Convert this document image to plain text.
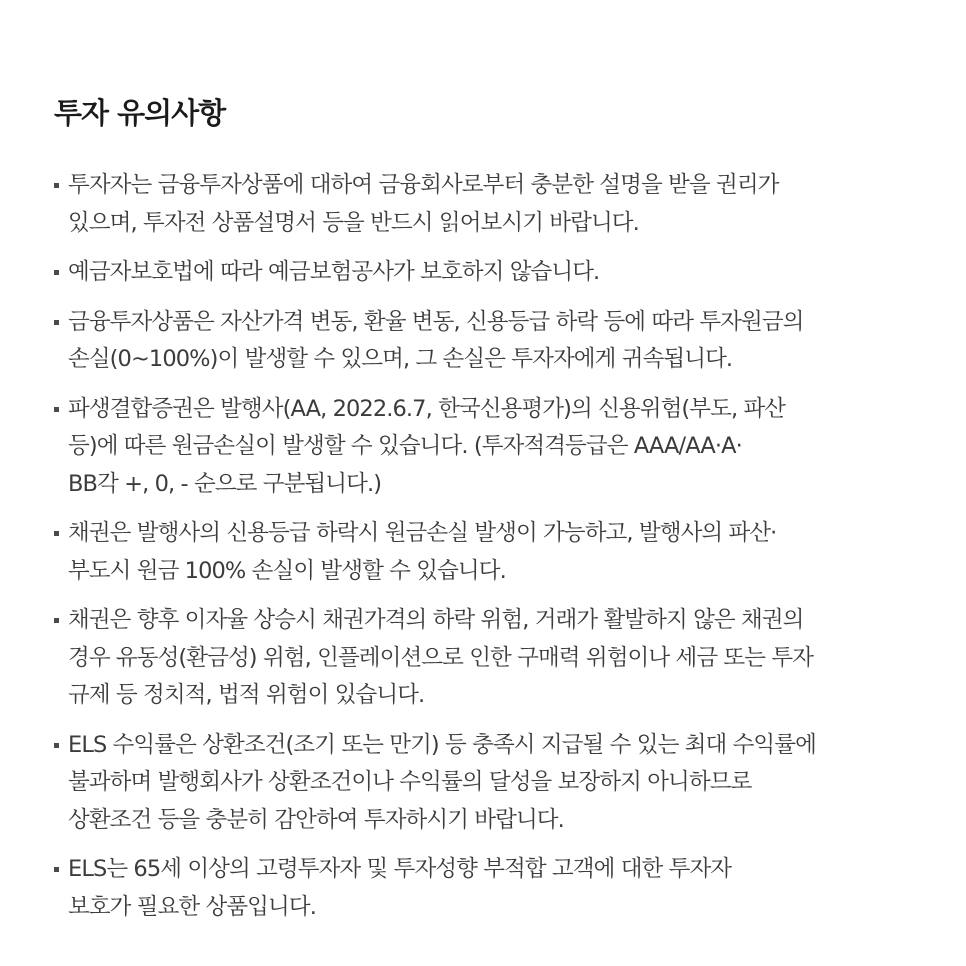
투자 유의사항
투자자는 금융투자상품에 대하여 금융회사로부터 충분한 설명을 받을 권리가
있으며, 투자전 상품설명서 등을 반드시 읽어보시기 바랍니다.
예금자보호법에 따라 예금보험공사가 보호하지 않습니다.
금융투자상품은 자산가격 변동, 환율 변동, 신용등급 하락 등에 따라 투자원금의
손실(0~100%)이 발생할 수 있으며, 그 손실은 투자자에게 귀속됩니다.
파생결합증권은 발행사(AA, 2022.6.7, 한국신용평가)의 신용위험(부도, 파산
등)에 따른 원금손실이 발생할 수 있습니다. (투자적격등급은 AAA/AA·A·
BB각 +, 0, - 순으로 구분됩니다.)
채권은 발행사의 신용등급 하락시 원금손실 발생이 가능하고, 발행사의 파산·
부도시 원금 100% 손실이 발생할 수 있습니다.
채권은 향후 이자율 상승시 채권가격의 하락 위험, 거래가 활발하지 않은 채권의
경우 유동성(환금성) 위험, 인플레이션으로 인한 구매력 위험이나 세금 또는 투자
규제 등 정치적, 법적 위험이 있습니다.
ELS 수익률은 상환조건(조기 또는 만기) 등 충족시 지급될 수 있는 최대 수익률에
불과하며 발행회사가 상환조건이나 수익률의 달성을 보장하지 아니하므로
상환조건 등을 충분히 감안하여 투자하시기 바랍니다.
ELS는 65세 이상의 고령투자자 및 투자성향 부적합 고객에 대한 투자자
보호가 필요한 상품입니다.
